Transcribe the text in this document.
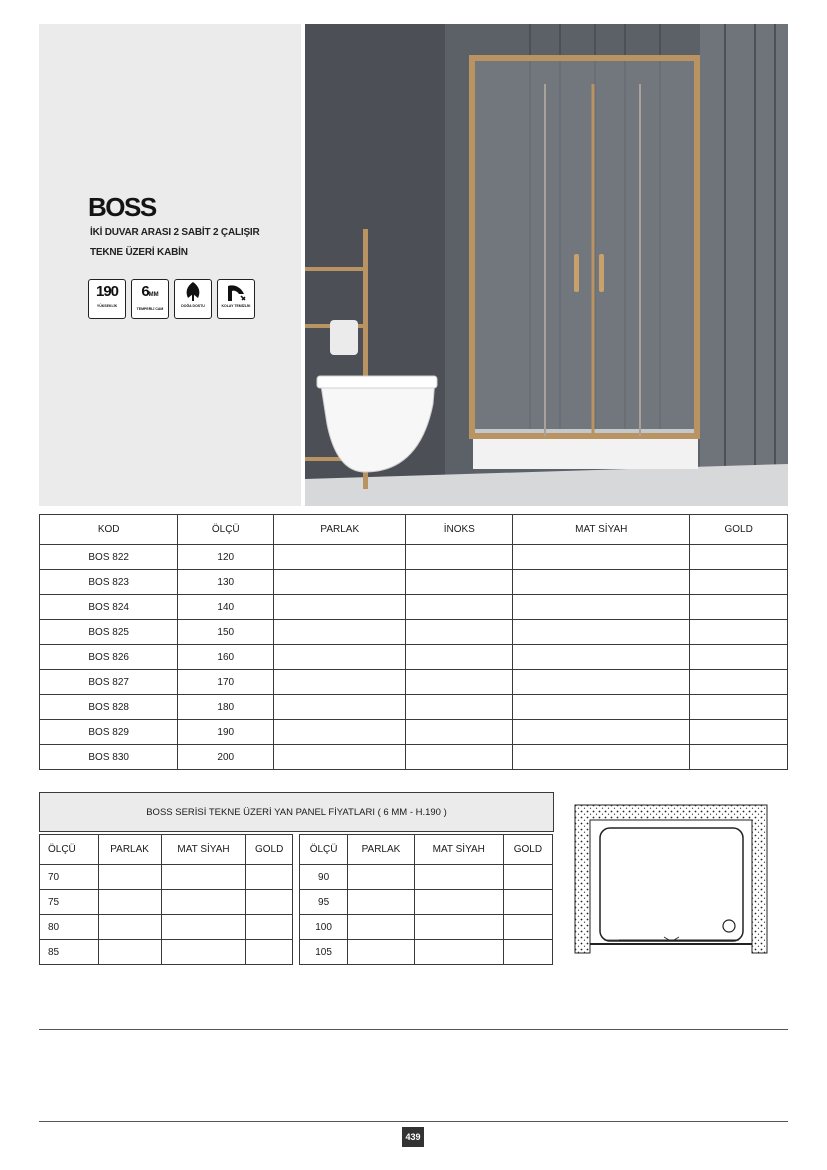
BOSS
İKİ DUVAR ARASI 2 SABİT 2 ÇALIŞIR
TEKNE ÜZERİ KABİN
190
YÜKSEKLİK
6MM
TEMPERLİ CAM
DOĞA DOSTU	KOLAY TEMİZLİK
KOD	ÖLÇÜ	PARLAK	İNOKS	MAT SİYAH	GOLD
BOS 822	120				
BOS 823	130				
BOS 824	140				
BOS 825	150				
BOS 826	160				
BOS 827	170				
BOS 828	180				
BOS 829	190				
BOS 830	200				
BOSS SERİSİ TEKNE ÜZERİ YAN PANEL FİYATLARI ( 6 MM - H.190 )
ÖLÇÜ	PARLAK	MAT SİYAH	GOLD
70			
75			
80			
85			
ÖLÇÜ	PARLAK	MAT SİYAH	GOLD
90			
95			
100			
105			
439
